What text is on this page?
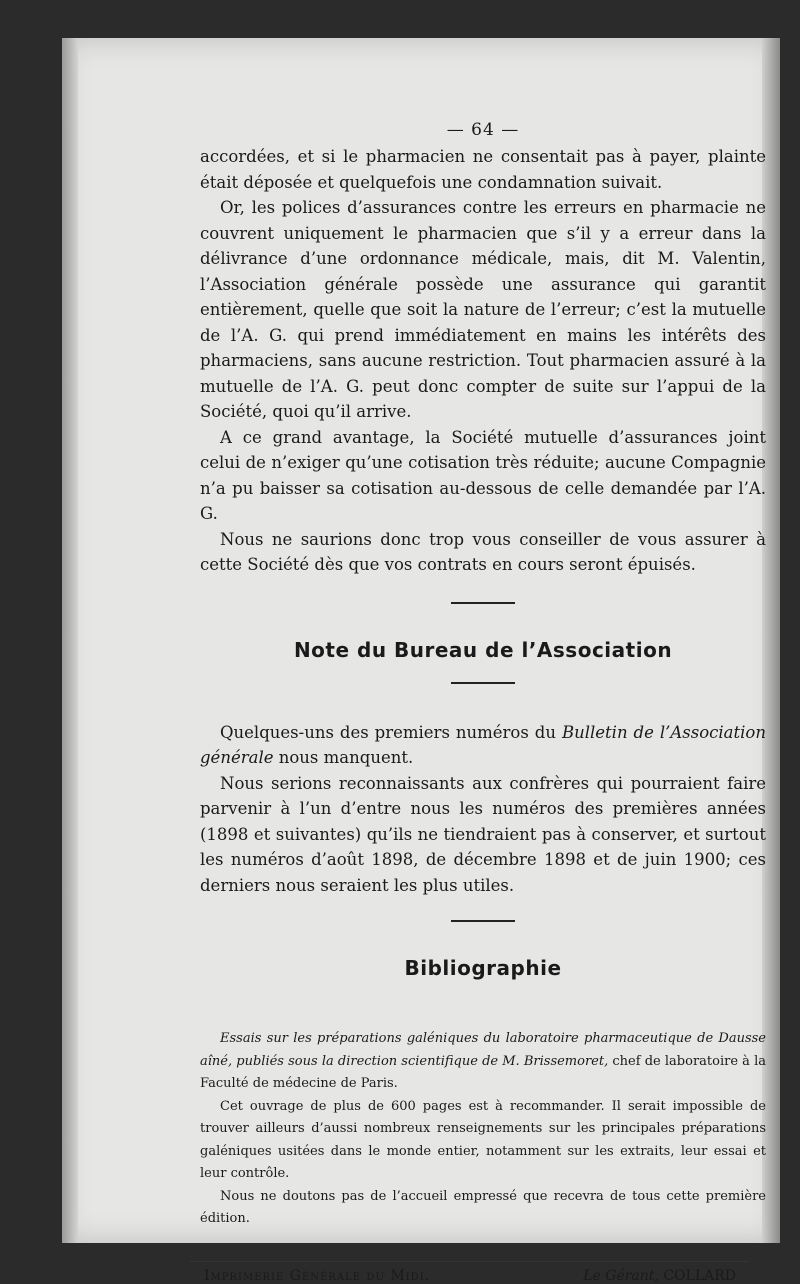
— 64 —

accordées, et si le pharmacien ne consentait pas à payer, plainte était déposée et quelquefois une condamnation suivait.

Or, les polices d’assurances contre les erreurs en pharmacie ne couvrent uniquement le pharmacien que s’il y a erreur dans la délivrance d’une ordonnance médicale, mais, dit M. Valentin, l’Association générale possède une assurance qui garantit entièrement, quelle que soit la nature de l’erreur; c’est la mutuelle de l’A. G. qui prend immédiatement en mains les intérêts des pharmaciens, sans aucune restriction. Tout pharmacien assuré à la mutuelle de l’A. G. peut donc compter de suite sur l’appui de la Société, quoi qu’il arrive.

A ce grand avantage, la Société mutuelle d’assurances joint celui de n’exiger qu’une cotisation très réduite; aucune Compagnie n’a pu baisser sa cotisation au-dessous de celle demandée par l’A. G.

Nous ne saurions donc trop vous conseiller de vous assurer à cette Société dès que vos contrats en cours seront épuisés.

Note du Bureau de l’Association

Quelques-uns des premiers numéros du Bulletin de l’Association générale nous manquent.

Nous serions reconnaissants aux confrères qui pourraient faire parvenir à l’un d’entre nous les numéros des premières années (1898 et suivantes) qu’ils ne tiendraient pas à conserver, et surtout les numéros d’août 1898, de décembre 1898 et de juin 1900; ces derniers nous seraient les plus utiles.

Bibliographie

Essais sur les préparations galéniques du laboratoire pharmaceutique de Dausse aîné, publiés sous la direction scientifique de M. Brissemoret, chef de laboratoire à la Faculté de médecine de Paris.

Cet ouvrage de plus de 600 pages est à recommander. Il serait impossible de trouver ailleurs d’aussi nombreux renseignements sur les principales préparations galéniques usitées dans le monde entier, notamment sur les extraits, leur essai et leur contrôle.

Nous ne doutons pas de l’accueil empressé que recevra de tous cette première édition.

Imprimerie Générale du Midi.	Le Gérant, COLLARD
